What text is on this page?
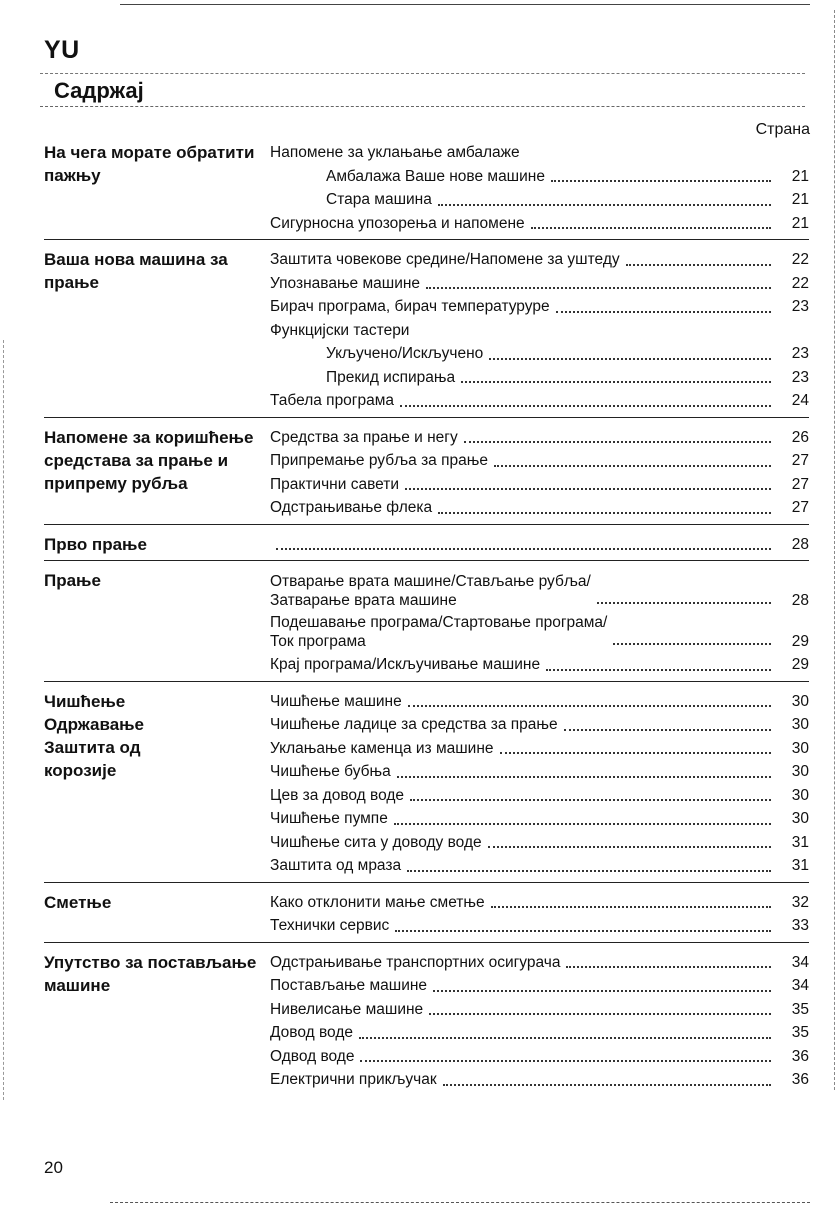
YU
Садржај
Страна
На чега морате обратити пажњу
Напомене за уклањање амбалаже
Амбалажа Ваше нове машине	21
Стара машина	21
Сигурносна упозорења и напомене	21
Ваша нова машина за прање
Заштита човекове средине/Напомене за уштеду	22
Упознавање машине	22
Бирач програма, бирач температуруре	23
Функцијски тастери
Укључено/Искључено	23
Прекид испирања	23
Табела програма	24
Напомене за коришћење средстава за прање и припрему рубља
Средства за прање и негу	26
Припремање рубља за прање	27
Практични савети	27
Одстрањивање флека	27
Прво прање	28
Прање	Отварање врата машине/Стављање рубља/
Затварање врата машине	28
Подешавање програма/Стартовање програма/
Ток програма	29
Крај програма/Искључивање машине	29
Чишћење
Одржавање
Заштита од
корозије
Чишћење машине	30
Чишћење ладице за средства за прање	30
Уклањање каменца из машине	30
Чишћење бубња	30
Цев за довод воде	30
Чишћење пумпе	30
Чишћење сита у доводу воде	31
Заштита од мраза	31
Сметње	Како отклонити мање сметње	32
Технички сервис	33
Упутство за постављање машине
Одстрањивање транспортних осигурача	34
Постављање машине	34
Нивелисање машине	35
Довод воде	35
Одвод воде	36
Електрични прикључак	36
20
